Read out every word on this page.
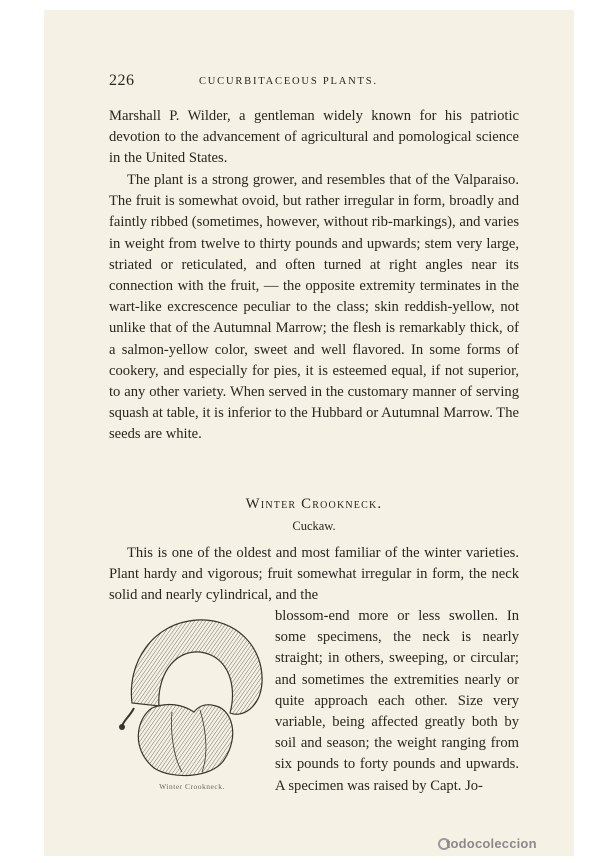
226	CUCURBITACEOUS PLANTS.

Marshall P. Wilder, a gentleman widely known for his patriotic devotion to the advancement of agricultural and pomological science in the United States.

The plant is a strong grower, and resembles that of the Valparaiso. The fruit is somewhat ovoid, but rather irregular in form, broadly and faintly ribbed (sometimes, however, without rib-markings), and varies in weight from twelve to thirty pounds and upwards; stem very large, striated or reticulated, and often turned at right angles near its connection with the fruit, — the opposite extremity terminates in the wart-like excrescence peculiar to the class; skin reddish-yellow, not unlike that of the Autumnal Marrow; the flesh is remarkably thick, of a salmon-yellow color, sweet and well flavored. In some forms of cookery, and especially for pies, it is esteemed equal, if not superior, to any other variety. When served in the customary manner of serving squash at table, it is inferior to the Hubbard or Autumnal Marrow. The seeds are white.

Winter Crookneck.
Cuckaw.

This is one of the oldest and most familiar of the winter varieties. Plant hardy and vigorous; fruit somewhat irregular in form, the neck solid and nearly cylindrical, and the

Winter Crookneck.

blossom-end more or less swollen. In some specimens, the neck is nearly straight; in others, sweeping, or circular; and sometimes the extremities nearly or quite approach each other. Size very variable, being affected greatly both by soil and season; the weight ranging from six pounds to forty pounds and upwards. A specimen was raised by Capt. Jo-

todocoleccion
